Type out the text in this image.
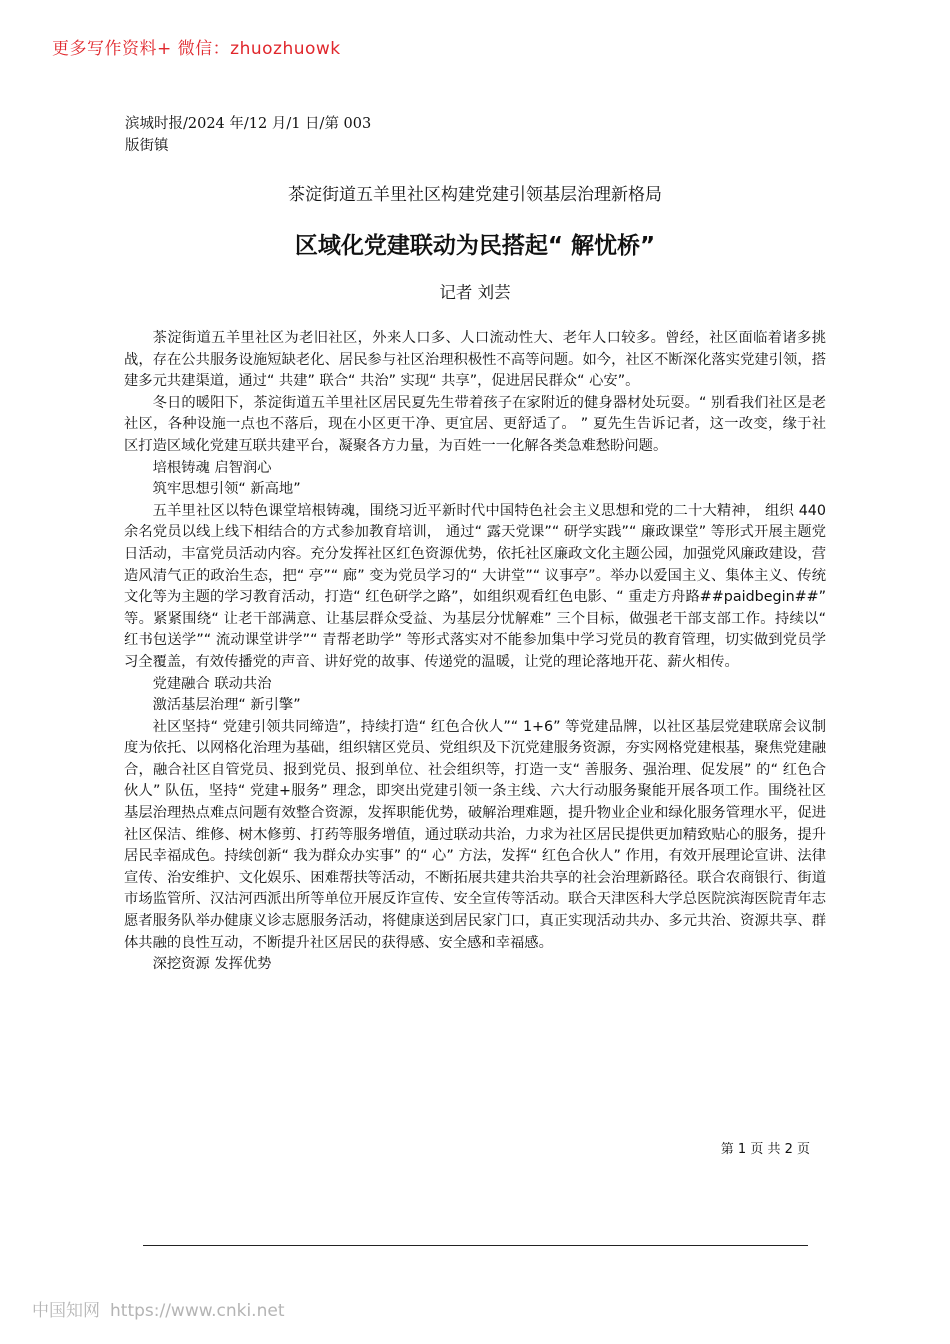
更多写作资料+ 微信：zhuozhuowk
滨城时报/2024 年/12 月/1 日/第 003
版街镇
茶淀街道五羊里社区构建党建引领基层治理新格局
区域化党建联动为民搭起“ 解忧桥”
记者 刘芸

茶淀街道五羊里社区为老旧社区，外来人口多、人口流动性大、老年人口较多。曾经，社区面临着诸多挑战，存在公共服务设施短缺老化、居民参与社区治理积极性不高等问题。如今，社区不断深化落实党建引领，搭建多元共建渠道，通过“ 共建” 联合“ 共治” 实现“ 共享”，促进居民群众“ 心安”。

冬日的暖阳下，茶淀街道五羊里社区居民夏先生带着孩子在家附近的健身器材处玩耍。“ 别看我们社区是老社区，各种设施一点也不落后，现在小区更干净、更宜居、更舒适了。 ” 夏先生告诉记者，这一改变，缘于社区打造区域化党建互联共建平台，凝聚各方力量，为百姓一一化解各类急难愁盼问题。

培根铸魂 启智润心

筑牢思想引领“ 新高地”

五羊里社区以特色课堂培根铸魂，围绕习近平新时代中国特色社会主义思想和党的二十大精神， 组织 440 余名党员以线上线下相结合的方式参加教育培训， 通过“ 露天党课”“ 研学实践”“ 廉政课堂” 等形式开展主题党日活动，丰富党员活动内容。充分发挥社区红色资源优势，依托社区廉政文化主题公园，加强党风廉政建设，营造风清气正的政治生态，把“ 亭”“ 廊” 变为党员学习的“ 大讲堂”“ 议事亭”。举办以爱国主义、集体主义、传统文化等为主题的学习教育活动，打造“ 红色研学之路”，如组织观看红色电影、“ 重走方舟路##paidbegin##” 等。紧紧围绕“ 让老干部满意、让基层群众受益、为基层分忧解难” 三个目标，做强老干部支部工作。持续以“ 红书包送学”“ 流动课堂讲学”“ 青帮老助学” 等形式落实对不能参加集中学习党员的教育管理，切实做到党员学习全覆盖，有效传播党的声音、讲好党的故事、传递党的温暖，让党的理论落地开花、薪火相传。

党建融合 联动共治

激活基层治理“ 新引擎”

社区坚持“ 党建引领共同缔造”，持续打造“ 红色合伙人”“ 1+6” 等党建品牌，以社区基层党建联席会议制度为依托、以网格化治理为基础，组织辖区党员、党组织及下沉党建服务资源，夯实网格党建根基，聚焦党建融合，融合社区自管党员、报到党员、报到单位、社会组织等，打造一支“ 善服务、强治理、促发展” 的“ 红色合伙人” 队伍，坚持“ 党建+服务” 理念，即突出党建引领一条主线、六大行动服务聚能开展各项工作。围绕社区基层治理热点难点问题有效整合资源，发挥职能优势，破解治理难题，提升物业企业和绿化服务管理水平，促进社区保洁、维修、树木修剪、打药等服务增值，通过联动共治，力求为社区居民提供更加精致贴心的服务，提升居民幸福成色。持续创新“ 我为群众办实事” 的“ 心” 方法，发挥“ 红色合伙人” 作用，有效开展理论宣讲、法律宣传、治安维护、文化娱乐、困难帮扶等活动，不断拓展共建共治共享的社会治理新路径。联合农商银行、街道市场监管所、汉沽河西派出所等单位开展反诈宣传、安全宣传等活动。联合天津医科大学总医院滨海医院青年志愿者服务队举办健康义诊志愿服务活动，将健康送到居民家门口，真正实现活动共办、多元共治、资源共享、群体共融的良性互动，不断提升社区居民的获得感、安全感和幸福感。

深挖资源 发挥优势

第 1 页 共 2 页
中国知网 https://www.cnki.net
